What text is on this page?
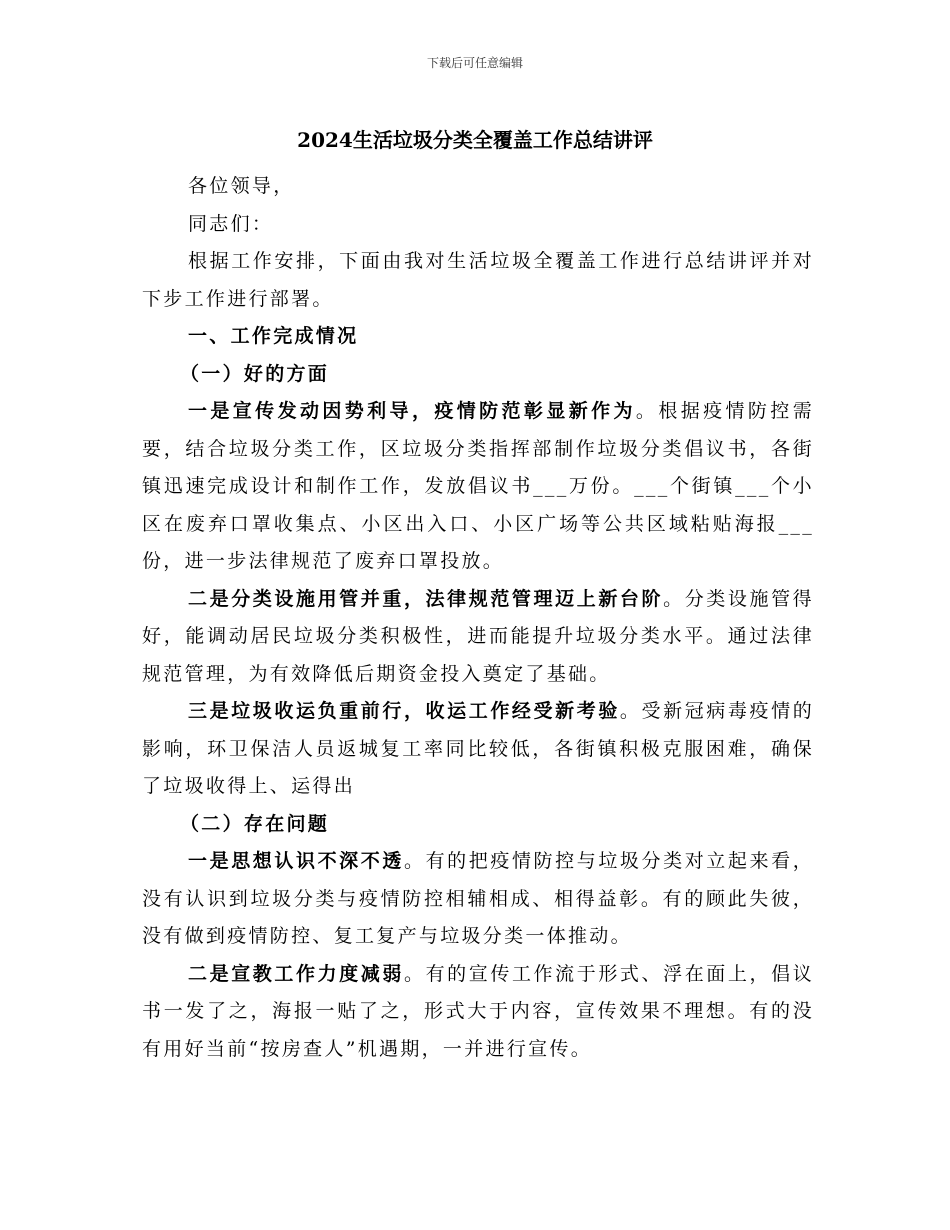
下载后可任意编辑
2024生活垃圾分类全覆盖工作总结讲评

各位领导，

同志们：

根据工作安排，下面由我对生活垃圾全覆盖工作进行总结讲评并对下步工作进行部署。

一、工作完成情况

（一）好的方面

一是宣传发动因势利导，疫情防范彰显新作为。根据疫情防控需要，结合垃圾分类工作，区垃圾分类指挥部制作垃圾分类倡议书，各街镇迅速完成设计和制作工作，发放倡议书___万份。___个街镇___个小区在废弃口罩收集点、小区出入口、小区广场等公共区域粘贴海报___份，进一步法律规范了废弃口罩投放。

二是分类设施用管并重，法律规范管理迈上新台阶。分类设施管得好，能调动居民垃圾分类积极性，进而能提升垃圾分类水平。通过法律规范管理，为有效降低后期资金投入奠定了基础。

三是垃圾收运负重前行，收运工作经受新考验。受新冠病毒疫情的影响，环卫保洁人员返城复工率同比较低，各街镇积极克服困难，确保了垃圾收得上、运得出

（二）存在问题

一是思想认识不深不透。有的把疫情防控与垃圾分类对立起来看，没有认识到垃圾分类与疫情防控相辅相成、相得益彰。有的顾此失彼，没有做到疫情防控、复工复产与垃圾分类一体推动。

二是宣教工作力度减弱。有的宣传工作流于形式、浮在面上，倡议书一发了之，海报一贴了之，形式大于内容，宣传效果不理想。有的没有用好当前“按房查人”机遇期，一并进行宣传。
